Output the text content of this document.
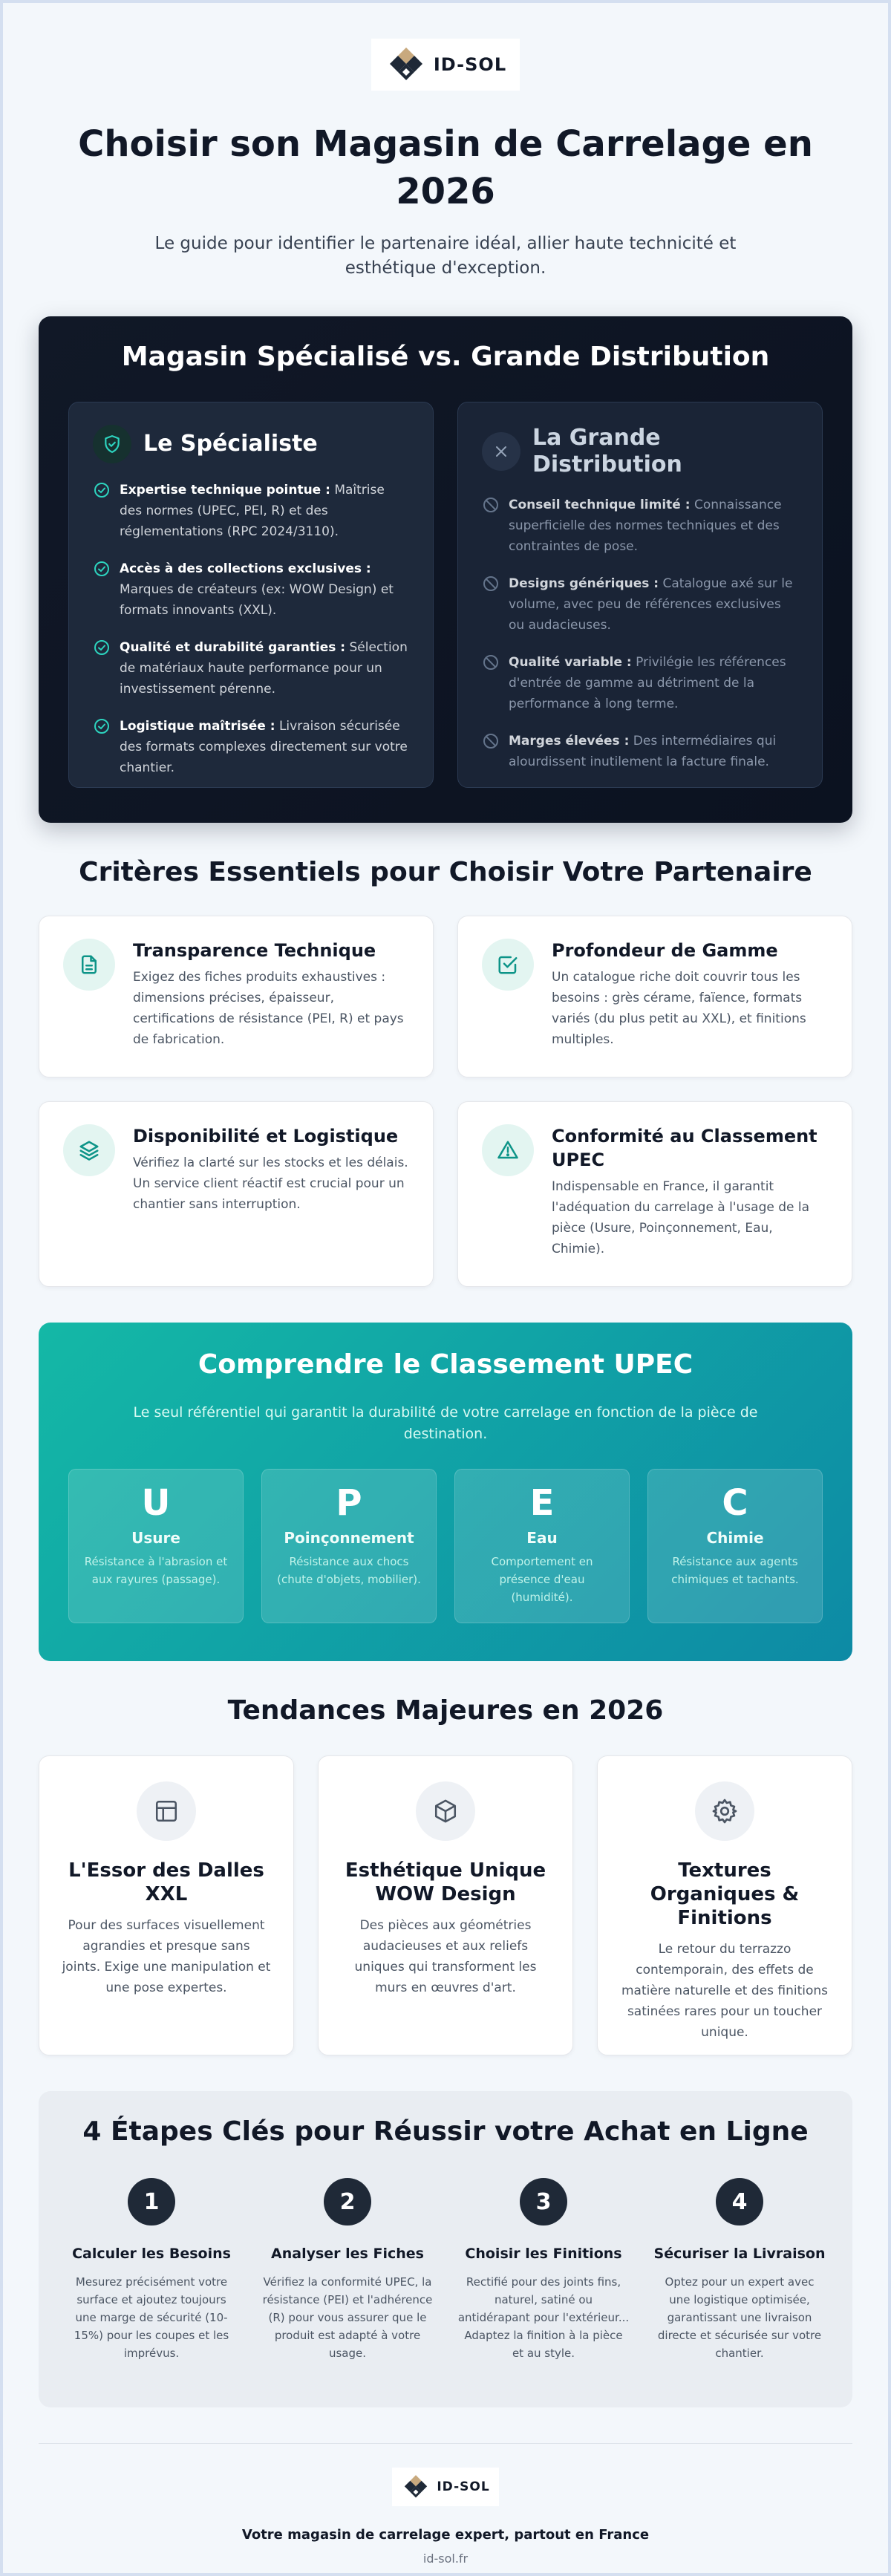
ID-SOL
Choisir son Magasin de Carrelage en 2026

Le guide pour identifier le partenaire idéal, allier haute technicité et esthétique d'exception.

Magasin Spécialisé vs. Grande Distribution
Le Spécialiste

Expertise technique pointue : Maîtrise des normes (UPEC, PEI, R) et des réglementations (RPC 2024/3110).

Accès à des collections exclusives : Marques de créateurs (ex: WOW Design) et formats innovants (XXL).

Qualité et durabilité garanties : Sélection de matériaux haute performance pour un investissement pérenne.

Logistique maîtrisée : Livraison sécurisée des formats complexes directement sur votre chantier.

La Grande Distribution

Conseil technique limité : Connaissance superficielle des normes techniques et des contraintes de pose.

Designs génériques : Catalogue axé sur le volume, avec peu de références exclusives ou audacieuses.

Qualité variable : Privilégie les références d'entrée de gamme au détriment de la performance à long terme.

Marges élevées : Des intermédiaires qui alourdissent inutilement la facture finale.

Critères Essentiels pour Choisir Votre Partenaire
Transparence Technique

Exigez des fiches produits exhaustives : dimensions précises, épaisseur, certifications de résistance (PEI, R) et pays de fabrication.

Profondeur de Gamme

Un catalogue riche doit couvrir tous les besoins : grès cérame, faïence, formats variés (du plus petit au XXL), et finitions multiples.

Disponibilité et Logistique

Vérifiez la clarté sur les stocks et les délais. Un service client réactif est crucial pour un chantier sans interruption.

Conformité au Classement UPEC

Indispensable en France, il garantit l'adéquation du carrelage à l'usage de la pièce (Usure, Poinçonnement, Eau, Chimie).

Comprendre le Classement UPEC

Le seul référentiel qui garantit la durabilité de votre carrelage en fonction de la pièce de destination.

U
Usure
Résistance à l'abrasion et aux rayures (passage).
P
Poinçonnement
Résistance aux chocs (chute d'objets, mobilier).
E
Eau
Comportement en présence d'eau (humidité).
C
Chimie
Résistance aux agents chimiques et tachants.
Tendances Majeures en 2026
L'Essor des Dalles XXL

Pour des surfaces visuellement agrandies et presque sans joints. Exige une manipulation et une pose expertes.

Esthétique Unique WOW Design

Des pièces aux géométries audacieuses et aux reliefs uniques qui transforment les murs en œuvres d'art.

Textures Organiques & Finitions

Le retour du terrazzo contemporain, des effets de matière naturelle et des finitions satinées rares pour un toucher unique.

4 Étapes Clés pour Réussir votre Achat en Ligne
1
Calculer les Besoins

Mesurez précisément votre surface et ajoutez toujours une marge de sécurité (10-15%) pour les coupes et les imprévus.

2
Analyser les Fiches

Vérifiez la conformité UPEC, la résistance (PEI) et l'adhérence (R) pour vous assurer que le produit est adapté à votre usage.

3
Choisir les Finitions

Rectifié pour des joints fins, naturel, satiné ou antidérapant pour l'extérieur... Adaptez la finition à la pièce et au style.

4
Sécuriser la Livraison

Optez pour un expert avec une logistique optimisée, garantissant une livraison directe et sécurisée sur votre chantier.

ID-SOL

Votre magasin de carrelage expert, partout en France

id-sol.fr
